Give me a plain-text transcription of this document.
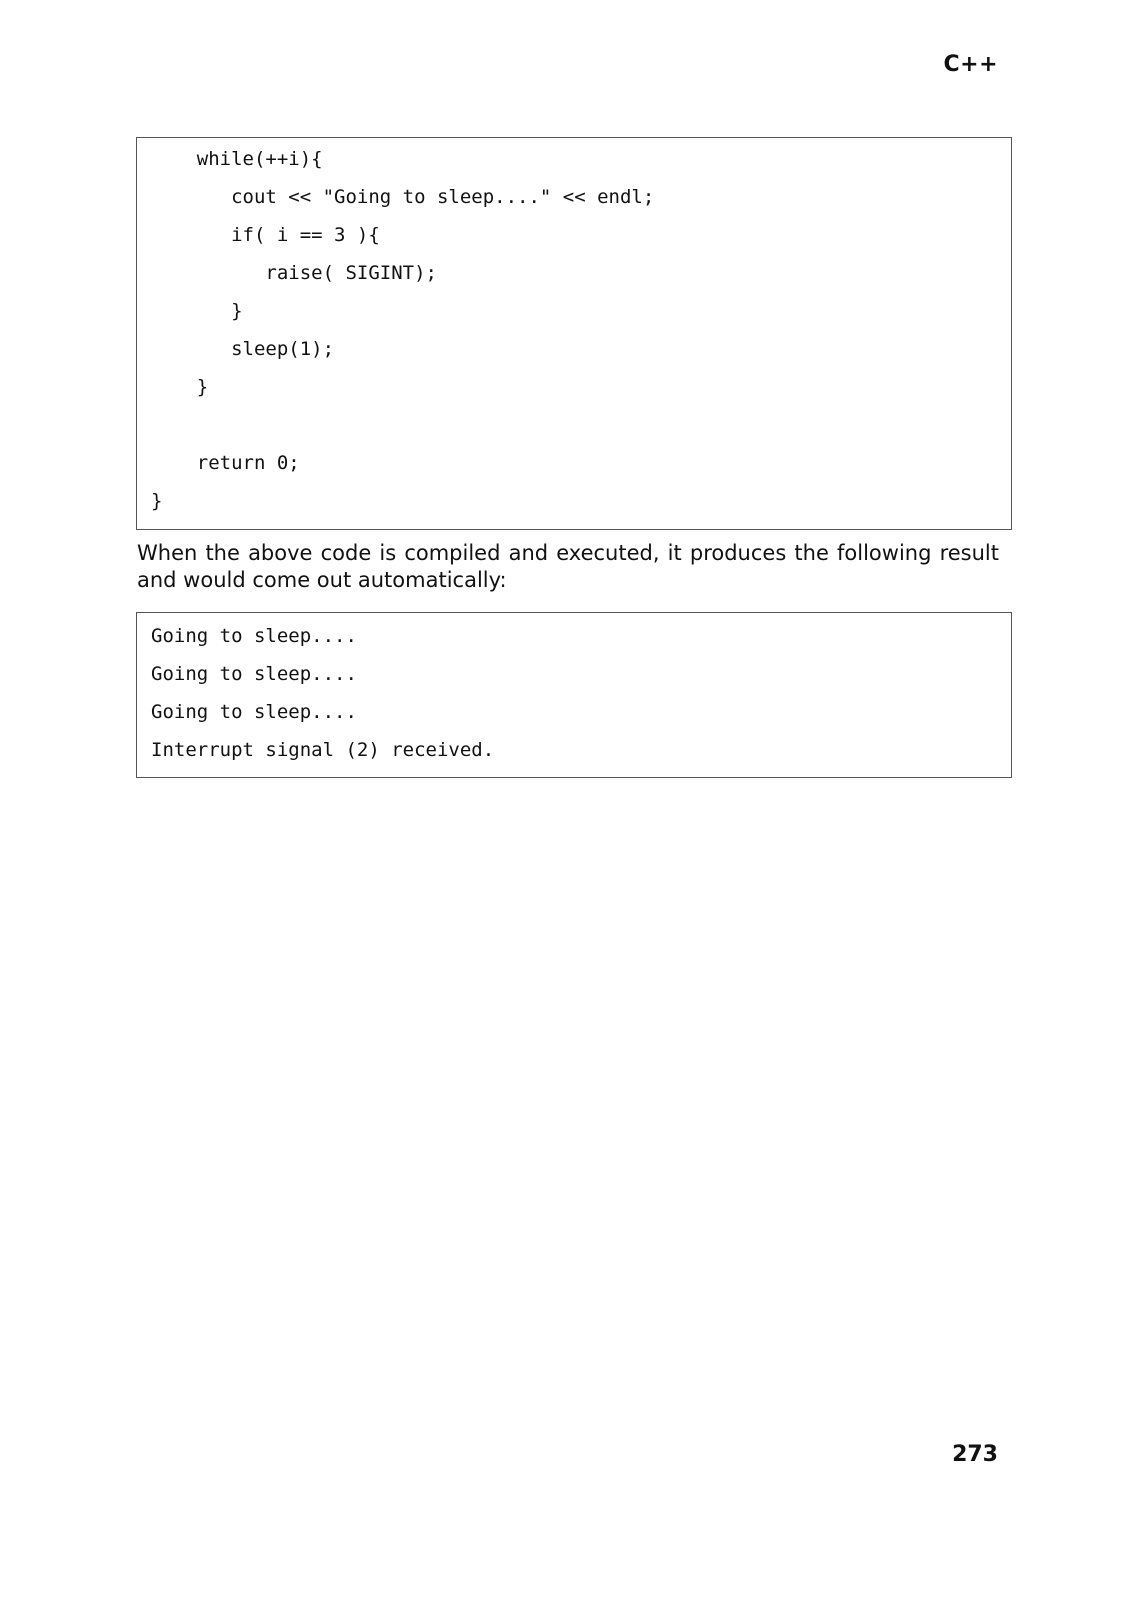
C++
while(++i){
cout << "Going to sleep...." << endl;
if( i == 3 ){
raise( SIGINT);
}
sleep(1);
}
return 0;
}
When the above code is compiled and executed, it produces the following result and would come out automatically:
Going to sleep....
Going to sleep....
Going to sleep....
Interrupt signal (2) received.
273
